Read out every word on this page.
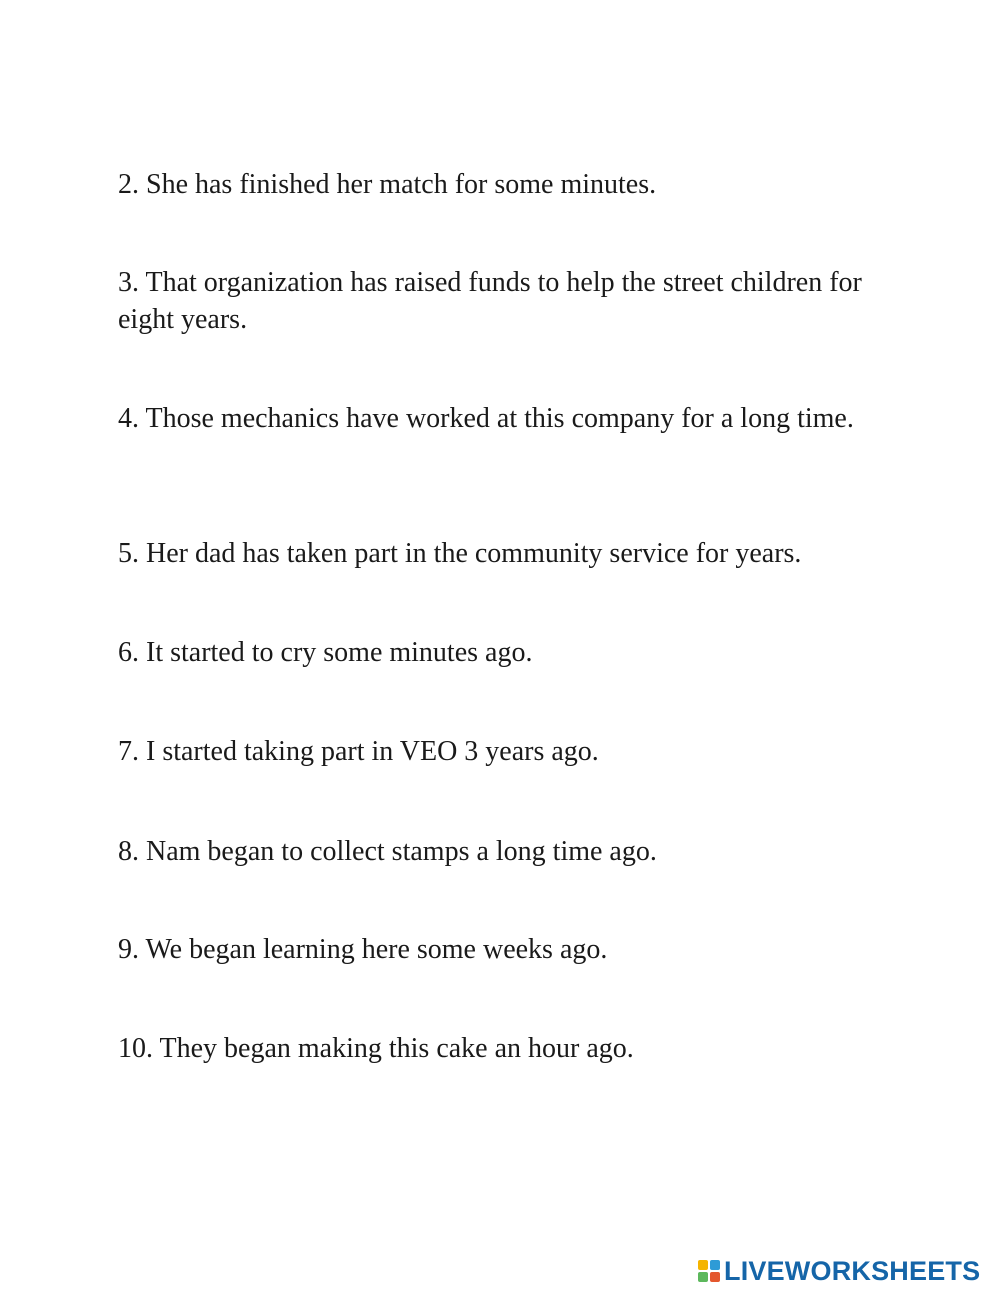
2. She has finished her match for some minutes.

3. That organization has raised funds to help the street children for eight years.

4. Those mechanics have worked at this company for a long time.

5. Her dad has taken part in the community service for years.

6. It started to cry some minutes ago.

7. I started taking part in VEO 3 years ago.

8. Nam began to collect stamps a long time ago.

9. We began learning here some weeks ago.

10. They began making this cake an hour ago.

LIVEWORKSHEETS
